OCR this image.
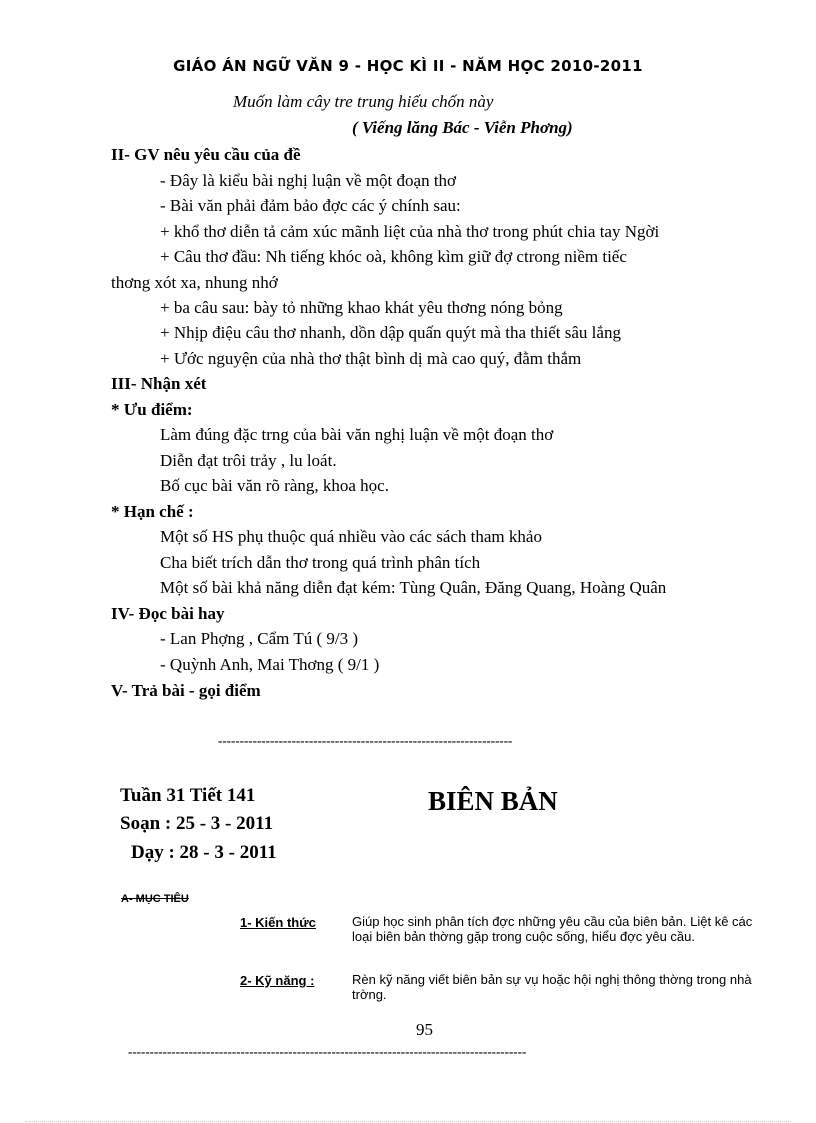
GIÁO ÁN NGỮ VĂN 9 - HỌC KÌ II - NĂM HỌC 2010-2011
Muốn làm cây tre trung hiếu chốn này
( Viếng lăng Bác - Viễn Phơng)
II- GV nêu yêu cầu của đề
- Đây là kiểu bài nghị luận về một đoạn thơ
- Bài văn phải đảm bảo đợc các ý chính sau:
+ khổ thơ diễn tả cảm xúc mãnh liệt của nhà thơ trong phút chia tay Ngời
+ Câu thơ đầu: Nh tiếng khóc oà, không kìm giữ đợ ctrong niềm tiếc
thơng xót xa, nhung nhớ
+ ba câu sau: bày tỏ những khao khát yêu thơng nóng bỏng
+ Nhịp điệu câu thơ nhanh, dồn dập quấn quýt mà tha thiết sâu lắng
+ Ước nguyện của nhà thơ thật bình dị mà cao quý, đằm thắm
III- Nhận xét
* Ưu điểm:
Làm đúng đặc trng của bài văn nghị luận về một đoạn thơ
Diễn đạt trôi trảy , lu loát.
Bố cục bài văn rõ ràng, khoa học.
* Hạn chế :
Một số HS phụ thuộc quá nhiều vào các sách tham khảo
Cha biết trích dẫn thơ trong quá trình phân tích
Một số bài khả năng diễn đạt kém: Tùng Quân, Đăng Quang, Hoàng Quân
IV- Đọc bài hay
- Lan Phợng , Cẩm Tú ( 9/3 )
- Quỳnh Anh, Mai Thơng ( 9/1 )
V- Trả bài - gọi điểm
--------------------------------------------------------------------
Tuần 31 Tiết 141
Soạn : 25 - 3 - 2011
Dạy : 28 - 3 - 2011
BIÊN BẢN
A- MỤC TIÊU
1- Kiến thức	Giúp học sinh phân tích đợc những yêu cầu của biên bản. Liệt kê các loại biên bản thờng gặp trong cuộc sống, hiểu đợc yêu cầu.
2- Kỹ năng :	Rèn kỹ năng viết biên bản sự vụ hoặc hội nghị thông thờng trong nhà trờng.
95
--------------------------------------------------------------------------------------------
